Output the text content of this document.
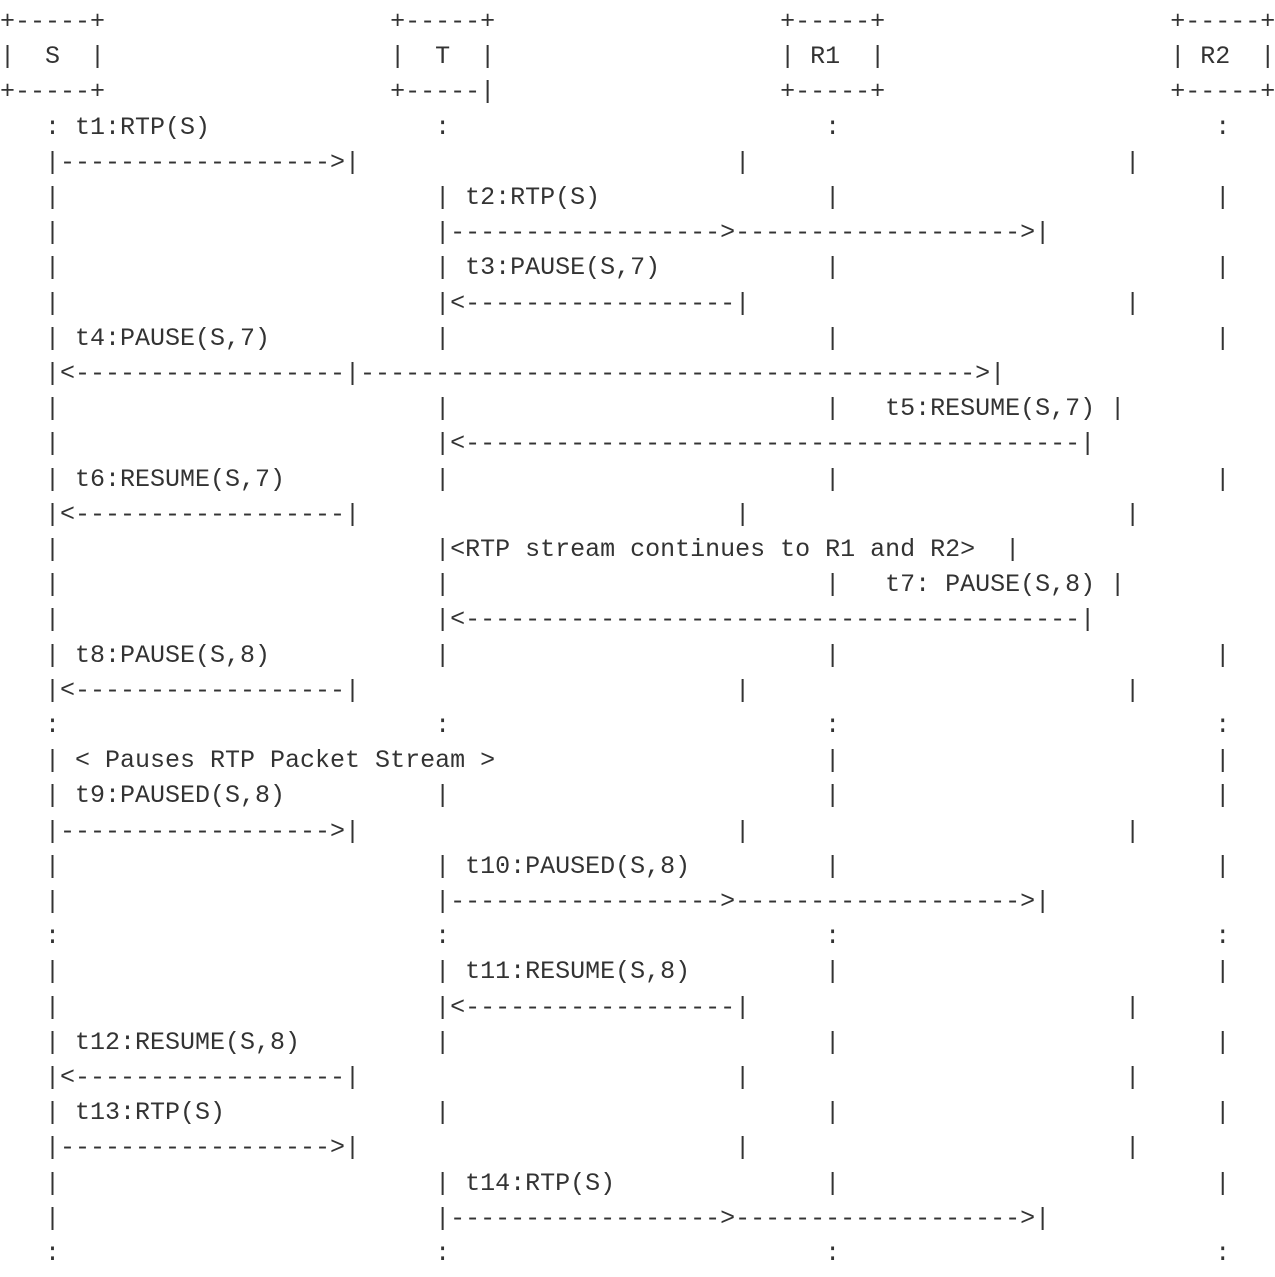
+-----+                   +-----+                   +-----+                   +-----+
|  S  |                   |  T  |                   | R1  |                   | R2  |
+-----+                   +-----|                   +-----+                   +-----+
: t1:RTP(S)               :                         :                         :
|------------------>|                         |                         |
|                         | t2:RTP(S)               |                         |
|                         |------------------>------------------->|
|                         | t3:PAUSE(S,7)           |                         |
|                         |<------------------|                         |
| t4:PAUSE(S,7)           |                         |                         |
|<------------------|----------------------------------------->|
|                         |                         |   t5:RESUME(S,7) |
|                         |<-----------------------------------------|
| t6:RESUME(S,7)          |                         |                         |
|<------------------|                         |                         |
|                         |<RTP stream continues to R1 and R2>  |
|                         |                         |   t7: PAUSE(S,8) |
|                         |<-----------------------------------------|
| t8:PAUSE(S,8)           |                         |                         |
|<------------------|                         |                         |
:                         :                         :                         :
| < Pauses RTP Packet Stream >                      |                         |
| t9:PAUSED(S,8)          |                         |                         |
|------------------>|                         |                         |
|                         | t10:PAUSED(S,8)         |                         |
|                         |------------------>------------------->|
:                         :                         :                         :
|                         | t11:RESUME(S,8)         |                         |
|                         |<------------------|                         |
| t12:RESUME(S,8)         |                         |                         |
|<------------------|                         |                         |
| t13:RTP(S)              |                         |                         |
|------------------>|                         |                         |
|                         | t14:RTP(S)              |                         |
|                         |------------------>------------------->|
:                         :                         :                         :
